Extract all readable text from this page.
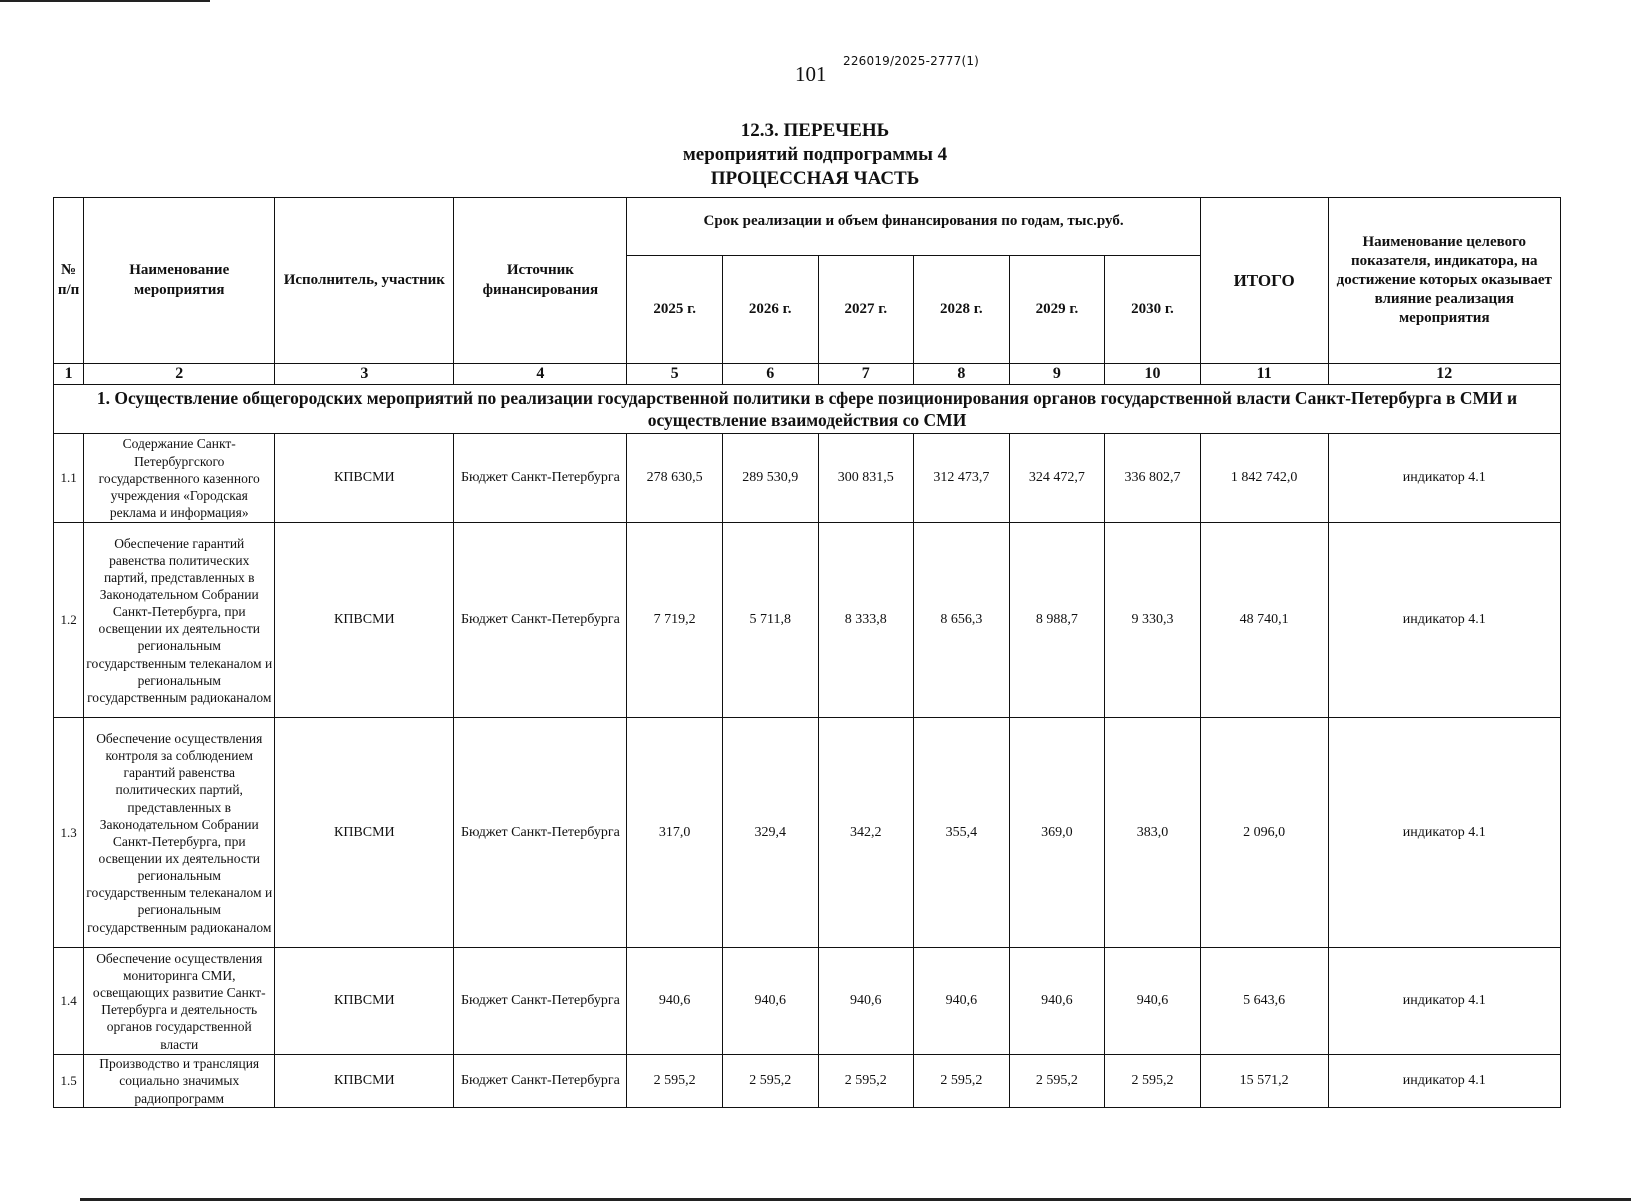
101
226019/2025-2777(1)
12.3. ПЕРЕЧЕНЬ
мероприятий подпрограммы 4
ПРОЦЕССНАЯ ЧАСТЬ
№ п/п	Наименование мероприятия	Исполнитель, участник	Источник финансирования	Срок реализации и объем финансирования по годам, тыс.руб.						ИТОГО	Наименование целевого показателя, индикатора, на достижение которых оказывает влияние реализация мероприятия
				2025 г.	2026 г.	2027 г.	2028 г.	2029 г.	2030 г.		
1	2	3	4	5	6	7	8	9	10	11	12
1. Осуществление общегородских мероприятий по реализации государственной политики в сфере позиционирования органов государственной власти Санкт-Петербурга в СМИ и осуществление взаимодействия со СМИ											
1.1	Содержание Санкт-Петербургского государственного казенного учреждения «Городская реклама и информация»	КПВСМИ	Бюджет Санкт-Петербурга	278 630,5	289 530,9	300 831,5	312 473,7	324 472,7	336 802,7	1 842 742,0	индикатор 4.1
1.2	Обеспечение гарантий равенства политических партий, представленных в Законодательном Собрании Санкт-Петербурга, при освещении их деятельности региональным государственным телеканалом и региональным государственным радиоканалом	КПВСМИ	Бюджет Санкт-Петербурга	7 719,2	5 711,8	8 333,8	8 656,3	8 988,7	9 330,3	48 740,1	индикатор 4.1
1.3	Обеспечение осуществления контроля за соблюдением гарантий равенства политических партий, представленных в Законодательном Собрании Санкт-Петербурга, при освещении их деятельности региональным государственным телеканалом и региональным государственным радиоканалом	КПВСМИ	Бюджет Санкт-Петербурга	317,0	329,4	342,2	355,4	369,0	383,0	2 096,0	индикатор 4.1
1.4	Обеспечение осуществления мониторинга СМИ, освещающих развитие Санкт-Петербурга и деятельность органов государственной власти	КПВСМИ	Бюджет Санкт-Петербурга	940,6	940,6	940,6	940,6	940,6	940,6	5 643,6	индикатор 4.1
1.5	Производство и трансляция социально значимых радиопрограмм	КПВСМИ	Бюджет Санкт-Петербурга	2 595,2	2 595,2	2 595,2	2 595,2	2 595,2	2 595,2	15 571,2	индикатор 4.1
